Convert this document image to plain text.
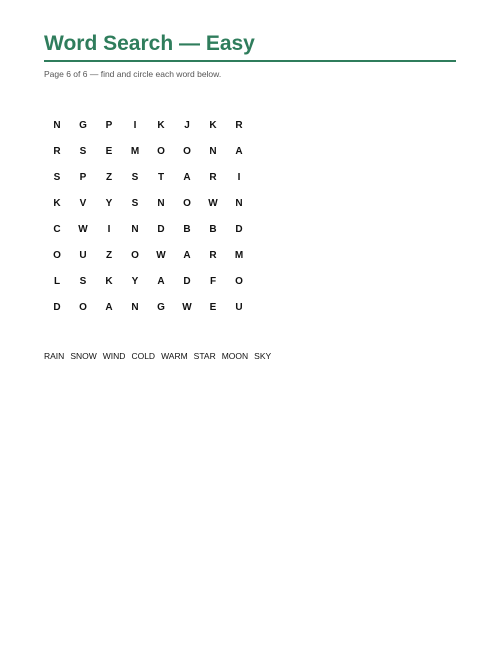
Word Search — Easy

Page 6 of 6 — find and circle each word below.

N	G	P	I	K	J	K	R
R	S	E	M	O	O	N	A
S	P	Z	S	T	A	R	I
K	V	Y	S	N	O	W	N
C	W	I	N	D	B	B	D
O	U	Z	O	W	A	R	M
L	S	K	Y	A	D	F	O
D	O	A	N	G	W	E	U
RAIN SNOW WIND COLD WARM STAR MOON SKY
